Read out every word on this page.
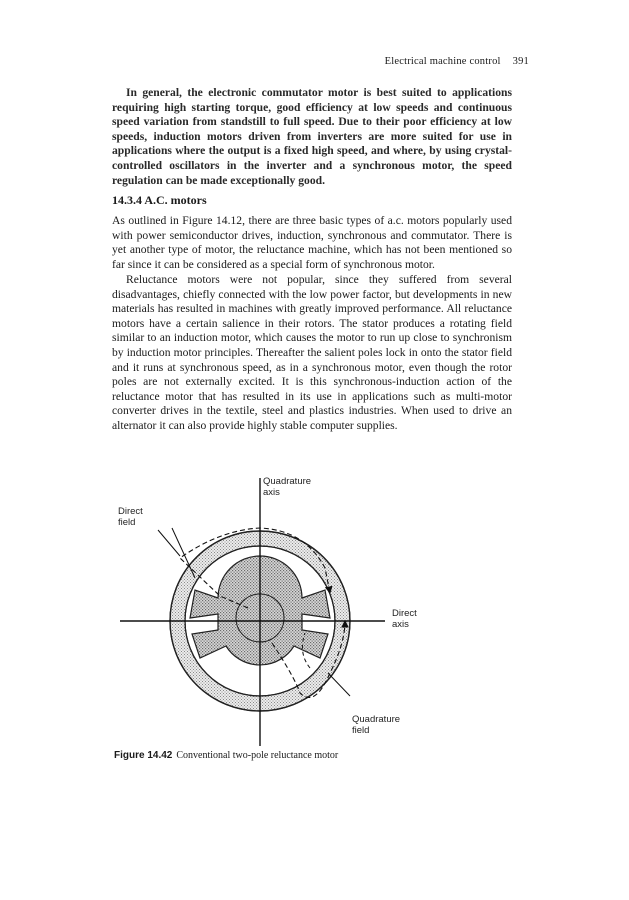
Electrical machine control 391

In general, the electronic commutator motor is best suited to applications requiring high starting torque, good efficiency at low speeds and continuous speed variation from standstill to full speed. Due to their poor efficiency at low speeds, induction motors driven from inverters are more suited for use in applications where the output is a fixed high speed, and where, by using crystal-controlled oscillators in the inverter and a synchronous motor, the speed regulation can be made exceptionally good.

14.3.4 A.C. motors

As outlined in Figure 14.12, there are three basic types of a.c. motors popularly used with power semiconductor drives, induction, synchronous and commutator. There is yet another type of motor, the reluctance machine, which has not been mentioned so far since it can be considered as a special form of synchronous motor.

Reluctance motors were not popular, since they suffered from several disadvantages, chiefly connected with the low power factor, but developments in new materials has resulted in machines with greatly improved performance. All reluctance motors have a certain salience in their rotors. The stator produces a rotating field similar to an induction motor, which causes the motor to run up close to synchronism by induction motor principles. Thereafter the salient poles lock in onto the stator field and it runs at synchronous speed, as in a synchronous motor, even though the rotor poles are not externally excited. It is this synchronous-induction action of the reluctance motor that has resulted in its use in applications such as multi-motor converter drives in the textile, steel and plastics industries. When used to drive an alternator it can also provide highly stable computer supplies.

Quadrature
axis
Direct
field
Direct
axis
Quadrature
field
Figure 14.42 Conventional two-pole reluctance motor
